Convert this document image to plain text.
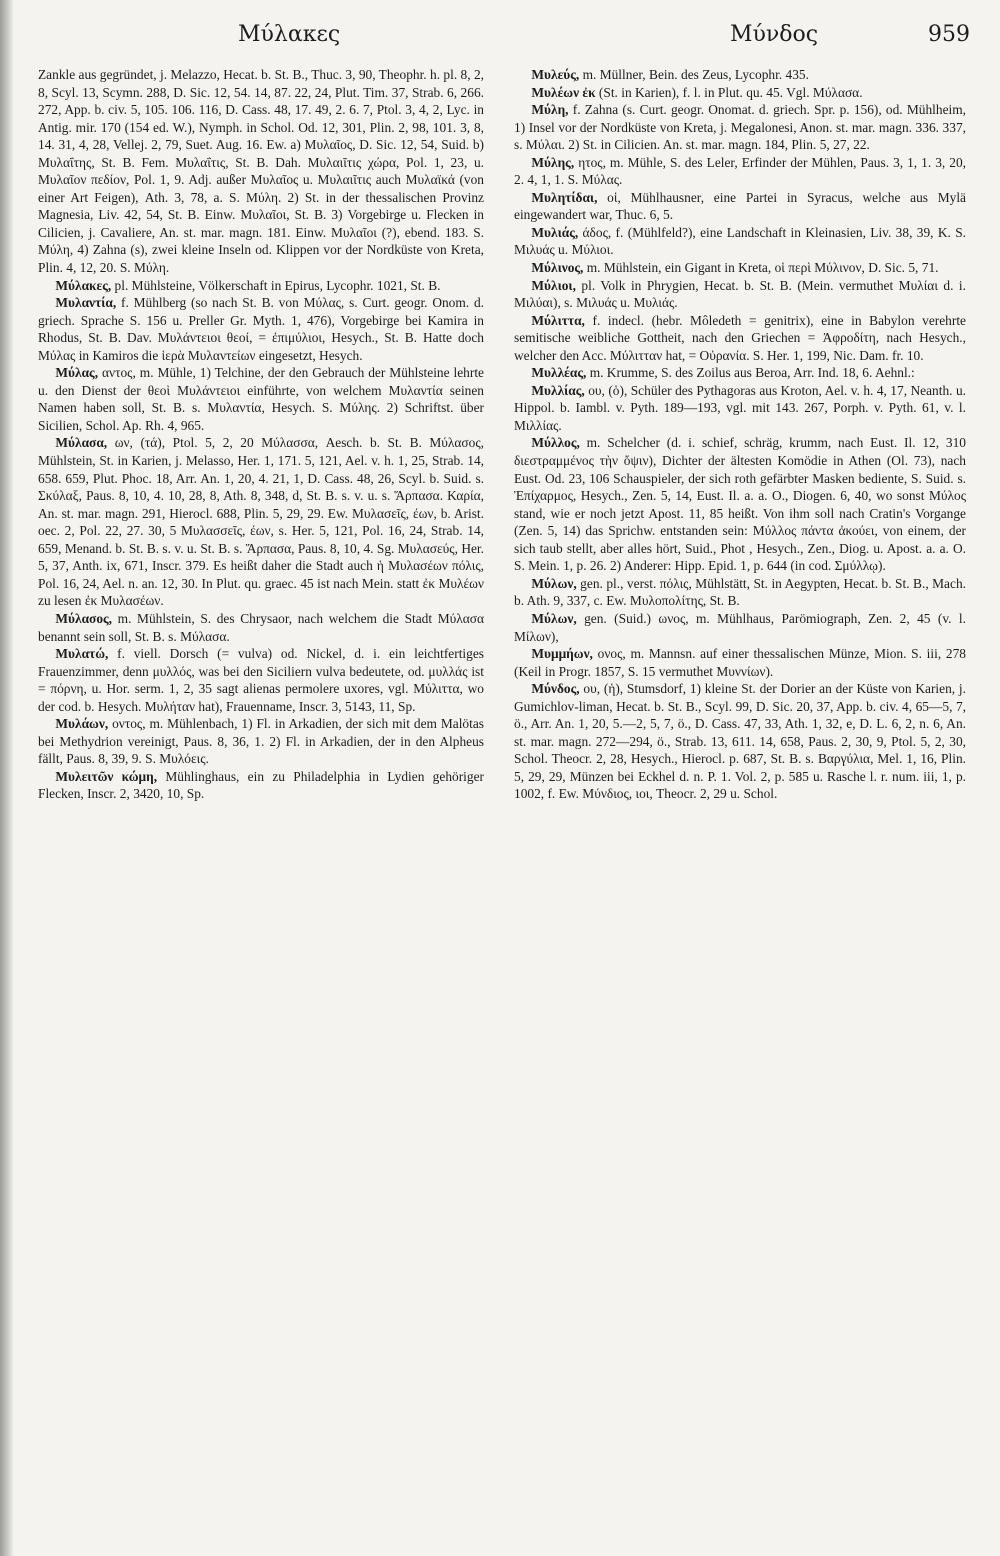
Μύλακες	Μύνδος	959

Zankle aus gegründet, j. Melazzo, Hecat. b. St. B., Thuc. 3, 90, Theophr. h. pl. 8, 2, 8, Scyl. 13, Scymn. 288, D. Sic. 12, 54. 14, 87. 22, 24, Plut. Tim. 37, Strab. 6, 266. 272, App. b. civ. 5, 105. 106. 116, D. Cass. 48, 17. 49, 2. 6. 7, Ptol. 3, 4, 2, Lyc. in Antig. mir. 170 (154 ed. W.), Nymph. in Schol. Od. 12, 301, Plin. 2, 98, 101. 3, 8, 14. 31, 4, 28, Vellej. 2, 79, Suet. Aug. 16. Ew. a) Μυλαῖος, D. Sic. 12, 54, Suid. b) Μυλαΐτης, St. B. Fem. Μυλαΐτις, St. B. Dah. Μυλαιῖτις χώρα, Pol. 1, 23, u. Μυλαῖον πεδίον, Pol. 1, 9. Adj. außer Μυλαῖος u. Μυλαιῖτις auch Μυλαϊκά (von einer Art Feigen), Ath. 3, 78, a. S. Μύλη. 2) St. in der thessalischen Provinz Magnesia, Liv. 42, 54, St. B. Einw. Μυλαῖοι, St. B. 3) Vorgebirge u. Flecken in Cilicien, j. Cavaliere, An. st. mar. magn. 181. Einw. Μυλαῖοι (?), ebend. 183. S. Μύλη, 4) Zahna (s), zwei kleine Inseln od. Klippen vor der Nordküste von Kreta, Plin. 4, 12, 20. S. Μύλη.

Μύλακες, pl. Mühlsteine, Völkerschaft in Epirus, Lycophr. 1021, St. B.

Μυλαντία, f. Mühlberg (so nach St. B. von Μύλας, s. Curt. geogr. Onom. d. griech. Sprache S. 156 u. Preller Gr. Myth. 1, 476), Vorgebirge bei Kamira in Rhodus, St. B. Dav. Μυλάντειοι θεοί, = ἐπιμύλιοι, Hesych., St. B. Hatte doch Μύλας in Kamiros die ἱερὰ Μυλαντείων eingesetzt, Hesych.

Μύλας, αντος, m. Mühle, 1) Telchine, der den Gebrauch der Mühlsteine lehrte u. den Dienst der θεοὶ Μυλάντειοι einführte, von welchem Μυλαντία seinen Namen haben soll, St. B. s. Μυλαντία, Hesych. S. Μύλης. 2) Schriftst. über Sicilien, Schol. Ap. Rh. 4, 965.

Μύλασα, ων, (τά), Ptol. 5, 2, 20 Μύλασσα, Aesch. b. St. B. Μύλασος, Mühlstein, St. in Karien, j. Melasso, Her. 1, 171. 5, 121, Ael. v. h. 1, 25, Strab. 14, 658. 659, Plut. Phoc. 18, Arr. An. 1, 20, 4. 21, 1, D. Cass. 48, 26, Scyl. b. Suid. s. Σκύλαξ, Paus. 8, 10, 4. 10, 28, 8, Ath. 8, 348, d, St. B. s. v. u. s. Ἅρπασα. Καρία, An. st. mar. magn. 291, Hierocl. 688, Plin. 5, 29, 29. Ew. Μυλασεῖς, έων, b. Arist. oec. 2, Pol. 22, 27. 30, 5 Μυλασσεῖς, έων, s. Her. 5, 121, Pol. 16, 24, Strab. 14, 659, Menand. b. St. B. s. v. u. St. B. s. Ἅρπασα, Paus. 8, 10, 4. Sg. Μυλασεύς, Her. 5, 37, Anth. ix, 671, Inscr. 379. Es heißt daher die Stadt auch ἡ Μυλασέων πόλις, Pol. 16, 24, Ael. n. an. 12, 30. In Plut. qu. graec. 45 ist nach Mein. statt ἐκ Μυλέων zu lesen ἐκ Μυλασέων.

Μύλασος, m. Mühlstein, S. des Chrysaor, nach welchem die Stadt Μύλασα benannt sein soll, St. B. s. Μύλασα.

Μυλατώ, f. viell. Dorsch (= vulva) od. Nickel, d. i. ein leichtfertiges Frauenzimmer, denn μυλλός, was bei den Siciliern vulva bedeutete, od. μυλλάς ist = πόρνη, u. Hor. serm. 1, 2, 35 sagt alienas permolere uxores, vgl. Μύλιττα, wo der cod. b. Hesych. Μυλήταν hat), Frauenname, Inscr. 3, 5143, 11, Sp.

Μυλάων, οντος, m. Mühlenbach, 1) Fl. in Arkadien, der sich mit dem Malötas bei Methydrion vereinigt, Paus. 8, 36, 1. 2) Fl. in Arkadien, der in den Alpheus fällt, Paus. 8, 39, 9. S. Μυλόεις.

Μυλειτῶν κώμη, Mühlinghaus, ein zu Philadelphia in Lydien gehöriger Flecken, Inscr. 2, 3420, 10, Sp.

Μυλεύς, m. Müllner, Bein. des Zeus, Lycophr. 435.

Μυλέων ἐκ (St. in Karien), f. l. in Plut. qu. 45. Vgl. Μύλασα.

Μύλη, f. Zahna (s. Curt. geogr. Onomat. d. griech. Spr. p. 156), od. Mühlheim, 1) Insel vor der Nordküste von Kreta, j. Megalonesi, Anon. st. mar. magn. 336. 337, s. Μύλαι. 2) St. in Cilicien. An. st. mar. magn. 184, Plin. 5, 27, 22.

Μύλης, ητος, m. Mühle, S. des Leler, Erfinder der Mühlen, Paus. 3, 1, 1. 3, 20, 2. 4, 1, 1. S. Μύλας.

Μυλητίδαι, οἱ, Mühlhausner, eine Partei in Syracus, welche aus Mylä eingewandert war, Thuc. 6, 5.

Μυλιάς, άδος, f. (Mühlfeld?), eine Landschaft in Kleinasien, Liv. 38, 39, K. S. Μιλυάς u. Μύλιοι.

Μύλινος, m. Mühlstein, ein Gigant in Kreta, οἱ περὶ Μύλινον, D. Sic. 5, 71.

Μύλιοι, pl. Volk in Phrygien, Hecat. b. St. B. (Mein. vermuthet Μυλίαι d. i. Μιλύαι), s. Μιλυάς u. Μυλιάς.

Μύλιττα, f. indecl. (hebr. Môledeth = genitrix), eine in Babylon verehrte semitische weibliche Gottheit, nach den Griechen = Ἀφροδίτη, nach Hesych., welcher den Acc. Μύλιτταν hat, = Οὐρανία. S. Her. 1, 199, Nic. Dam. fr. 10.

Μυλλέας, m. Krumme, S. des Zoilus aus Beroa, Arr. Ind. 18, 6. Aehnl.:

Μυλλίας, ου, (ὁ), Schüler des Pythagoras aus Kroton, Ael. v. h. 4, 17, Neanth. u. Hippol. b. Iambl. v. Pyth. 189—193, vgl. mit 143. 267, Porph. v. Pyth. 61, v. l. Μιλλίας.

Μύλλος, m. Schelcher (d. i. schief, schräg, krumm, nach Eust. Il. 12, 310 διεστραμμένος τὴν ὄψιν), Dichter der ältesten Komödie in Athen (Ol. 73), nach Eust. Od. 23, 106 Schauspieler, der sich roth gefärbter Masken bediente, S. Suid. s. Ἐπίχαρμος, Hesych., Zen. 5, 14, Eust. Il. a. a. O., Diogen. 6, 40, wo sonst Μύλος stand, wie er noch jetzt Apost. 11, 85 heißt. Von ihm soll nach Cratin's Vorgange (Zen. 5, 14) das Sprichw. entstanden sein: Μύλλος πάντα ἀκούει, von einem, der sich taub stellt, aber alles hört, Suid., Phot , Hesych., Zen., Diog. u. Apost. a. a. O. S. Mein. 1, p. 26. 2) Anderer: Hipp. Epid. 1, p. 644 (in cod. Σμύλλῳ).

Μύλων, gen. pl., verst. πόλις, Mühlstätt, St. in Aegypten, Hecat. b. St. B., Mach. b. Ath. 9, 337, c. Ew. Μυλοπολίτης, St. B.

Μύλων, gen. (Suid.) ωνος, m. Mühlhaus, Parömiograph, Zen. 2, 45 (v. l. Μίλων),

Μυμμήων, ονος, m. Mannsn. auf einer thessalischen Münze, Mion. S. iii, 278 (Keil in Progr. 1857, S. 15 vermuthet Μυννίων).

Μύνδος, ου, (ἡ), Stumsdorf, 1) kleine St. der Dorier an der Küste von Karien, j. Gumichlov-liman, Hecat. b. St. B., Scyl. 99, D. Sic. 20, 37, App. b. civ. 4, 65—5, 7, ö., Arr. An. 1, 20, 5.—2, 5, 7, ö., D. Cass. 47, 33, Ath. 1, 32, e, D. L. 6, 2, n. 6, An. st. mar. magn. 272—294, ö., Strab. 13, 611. 14, 658, Paus. 2, 30, 9, Ptol. 5, 2, 30, Schol. Theocr. 2, 28, Hesych., Hierocl. p. 687, St. B. s. Βαργύλια, Mel. 1, 16, Plin. 5, 29, 29, Münzen bei Eckhel d. n. P. 1. Vol. 2, p. 585 u. Rasche l. r. num. iii, 1, p. 1002, f. Ew. Μύνδιος, ιοι, Theocr. 2, 29 u. Schol.
